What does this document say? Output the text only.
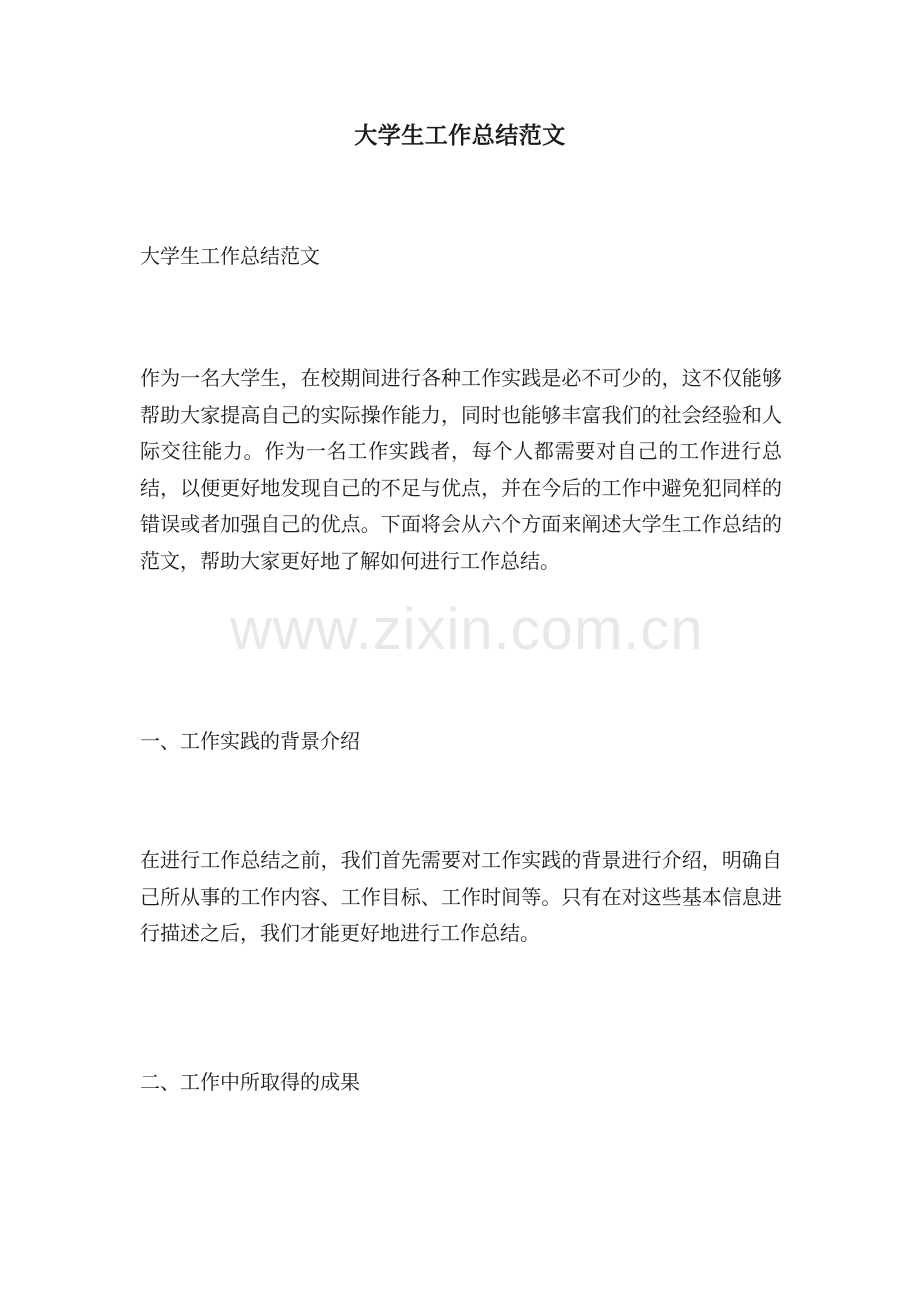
大学生工作总结范文

大学生工作总结范文

作为一名大学生，在校期间进行各种工作实践是必不可少的，这不仅能够帮助大家提高自己的实际操作能力，同时也能够丰富我们的社会经验和人际交往能力。作为一名工作实践者，每个人都需要对自己的工作进行总结，以便更好地发现自己的不足与优点，并在今后的工作中避免犯同样的错误或者加强自己的优点。下面将会从六个方面来阐述大学生工作总结的范文，帮助大家更好地了解如何进行工作总结。

一、工作实践的背景介绍

在进行工作总结之前，我们首先需要对工作实践的背景进行介绍，明确自己所从事的工作内容、工作目标、工作时间等。只有在对这些基本信息进行描述之后，我们才能更好地进行工作总结。

二、工作中所取得的成果

www.zixin.com.cn
